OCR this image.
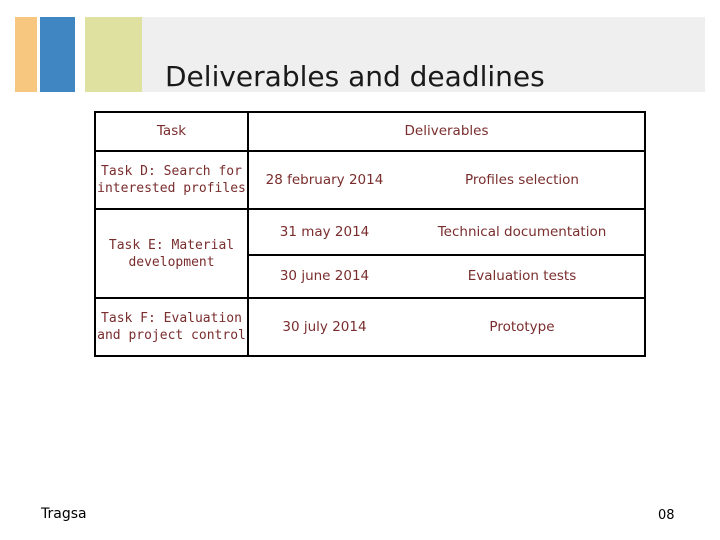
Deliverables and deadlines
Task	Deliverables	
Task D: Search for interested profiles	28 february 2014	Profiles selection
Task E: Material development	31 may 2014	Technical documentation
	30 june 2014	Evaluation tests
Task F: Evaluation and project control	30 july 2014	Prototype
Tragsa	08
